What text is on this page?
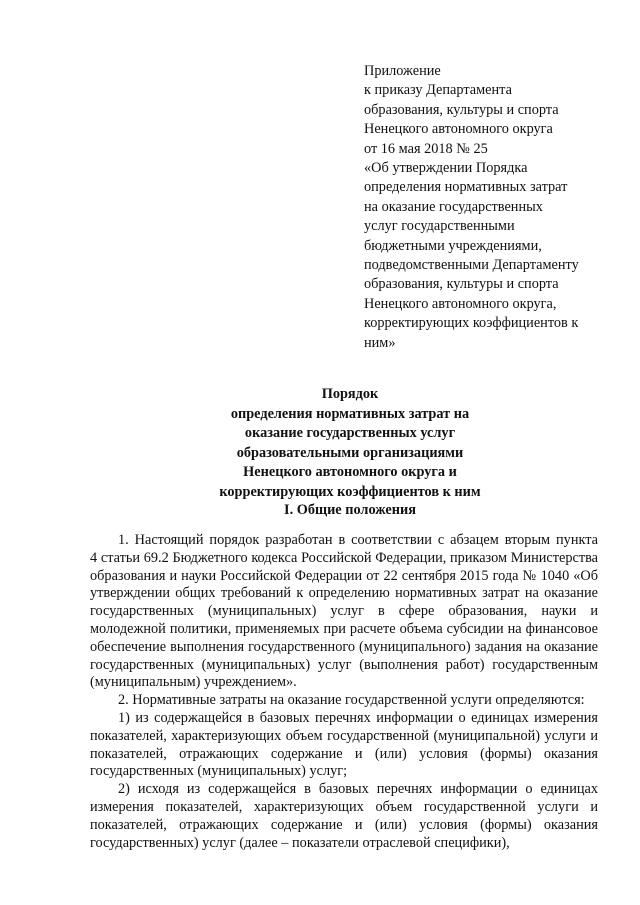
Приложение
к приказу Департамента
образования, культуры и спорта
Ненецкого автономного округа
от 16 мая 2018 № 25
«Об утверждении Порядка
определения нормативных затрат
на оказание государственных
услуг государственными
бюджетными учреждениями,
подведомственными Департаменту
образования, культуры и спорта
Ненецкого автономного округа,
корректирующих коэффициентов к
ним»
Порядок
определения нормативных затрат на
оказание государственных услуг
образовательными организациями
Ненецкого автономного округа и
корректирующих коэффициентов к ним
I. Общие положения
1. Настоящий порядок разработан в соответствии с абзацем вторым пункта
4 статьи 69.2 Бюджетного кодекса Российской Федерации, приказом Министерства
образования и науки Российской Федерации от 22 сентября 2015 года № 1040 «Об
утверждении общих требований к определению нормативных затрат на оказание
государственных (муниципальных) услуг в сфере образования, науки и
молодежной политики, применяемых при расчете объема субсидии на финансовое
обеспечение выполнения государственного (муниципального) задания на оказание
государственных (муниципальных) услуг (выполнения работ) государственным
(муниципальным) учреждением».
2. Нормативные затраты на оказание государственной услуги определяются:
1) из содержащейся в базовых перечнях информации о единицах измерения
показателей, характеризующих объем государственной (муниципальной) услуги и
показателей, отражающих содержание и (или) условия (формы) оказания
государственных (муниципальных) услуг;
2) исходя из содержащейся в базовых перечнях информации о единицах
измерения показателей, характеризующих объем государственной услуги и
показателей, отражающих содержание и (или) условия (формы) оказания
государственных) услуг (далее – показатели отраслевой специфики),
